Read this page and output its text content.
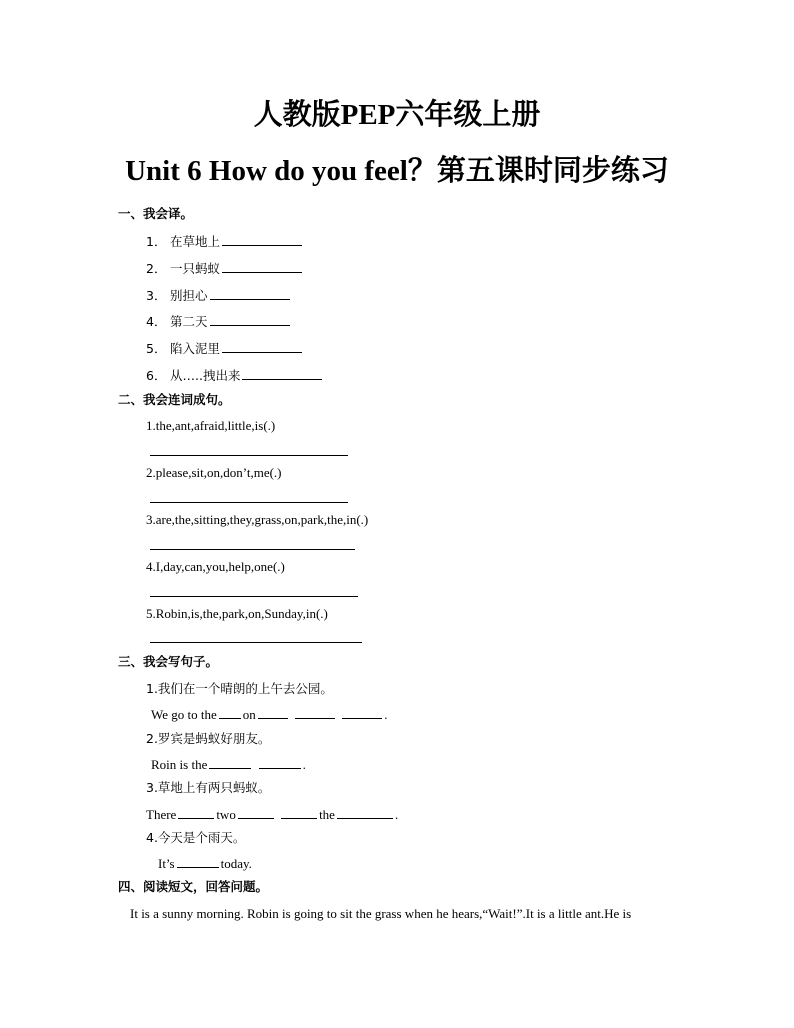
人教版PEP六年级上册
Unit 6 How do you feel？第五课时同步练习
一、我会译。
1． 在草地上
2． 一只蚂蚁
3． 别担心
4． 第二天
5． 陷入泥里
6． 从…..拽出来
二、我会连词成句。
1.the,ant,afraid,little,is(.)
2.please,sit,on,don’t,me(.)
3.are,the,sitting,they,grass,on,park,the,in(.)
4.I,day,can,you,help,one(.)
5.Robin,is,the,park,on,Sunday,in(.)
三、我会写句子。
1.我们在一个晴朗的上午去公园。
We go to the on	.
2.罗宾是蚂蚁好朋友。
Roin is the	.
3.草地上有两只蚂蚁。
There	two	the	.
4.今天是个雨天。
It’s	today.
四、阅读短文，回答问题。
It is a sunny morning. Robin is going to sit the grass when he hears,“Wait!”.It is a little ant.He is
